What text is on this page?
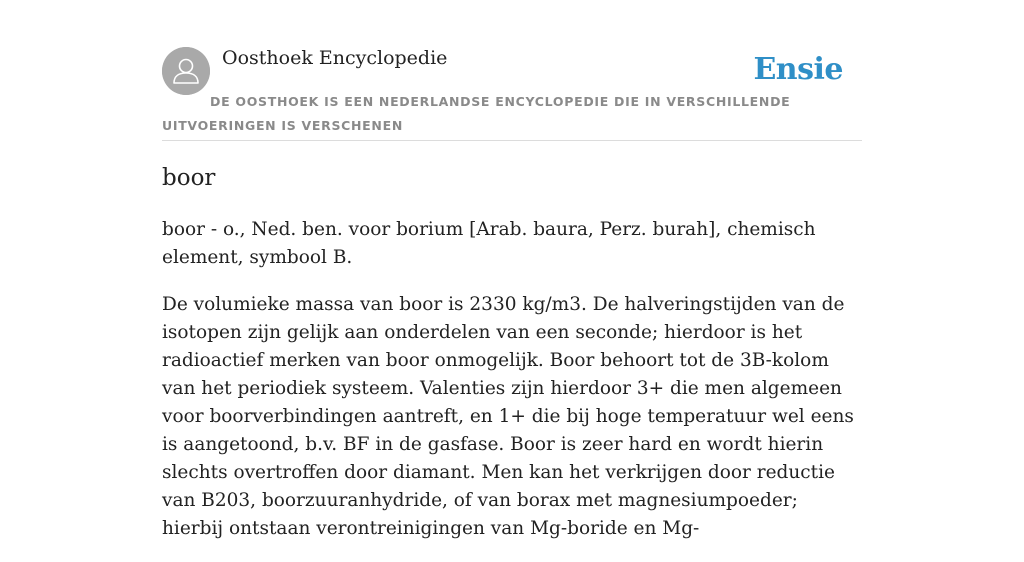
Oosthoek Encyclopedie	Ensie
DE OOSTHOEK IS EEN NEDERLANDSE ENCYCLOPEDIE DIE IN VERSCHILLENDE UITVOERINGEN IS VERSCHENEN
boor

boor - o., Ned. ben. voor borium [Arab. baura, Perz. burah], chemisch element, symbool B.

De volumieke massa van boor is 2330 kg/m3. De halveringstijden van de isotopen zijn gelijk aan onderdelen van een seconde; hierdoor is het radioactief merken van boor onmogelijk. Boor behoort tot de 3B-kolom van het periodiek systeem. Valenties zijn hierdoor 3+ die men algemeen voor boorverbindingen aantreft, en 1+ die bij hoge temperatuur wel eens is aangetoond, b.v. BF in de gasfase. Boor is zeer hard en wordt hierin slechts overtroffen door diamant. Men kan het verkrijgen door reductie van B203, boorzuuranhydride, of van borax met magnesiumpoeder; hierbij ontstaan verontreinigingen van Mg-boride en Mg-
